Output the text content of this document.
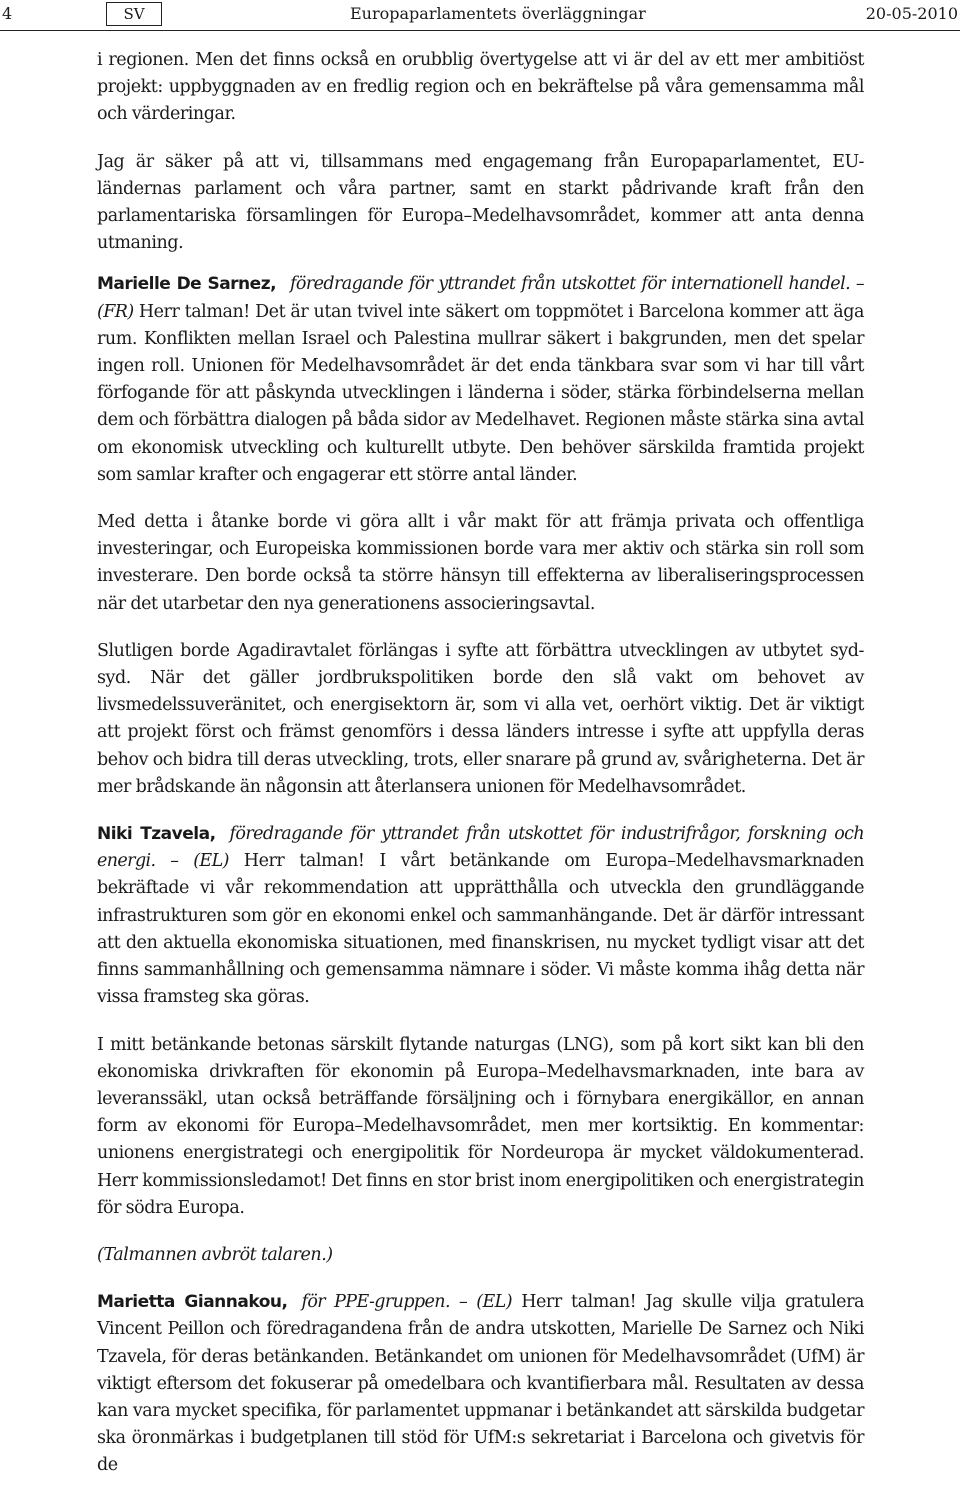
4	SV	Europaparlamentets överläggningar	20-05-2010

i regionen. Men det finns också en orubblig övertygelse att vi är del av ett mer ambitiöst projekt: uppbyggnaden av en fredlig region och en bekräftelse på våra gemensamma mål och värderingar.

Jag är säker på att vi, tillsammans med engagemang från Europaparlamentet, EU-ländernas parlament och våra partner, samt en starkt pådrivande kraft från den parlamentariska församlingen för Europa–Medelhavsområdet, kommer att anta denna utmaning.

Marielle De Sarnez, föredragande för yttrandet från utskottet för internationell handel. – (FR) Herr talman! Det är utan tvivel inte säkert om toppmötet i Barcelona kommer att äga rum. Konflikten mellan Israel och Palestina mullrar säkert i bakgrunden, men det spelar ingen roll. Unionen för Medelhavsområdet är det enda tänkbara svar som vi har till vårt förfogande för att påskynda utvecklingen i länderna i söder, stärka förbindelserna mellan dem och förbättra dialogen på båda sidor av Medelhavet. Regionen måste stärka sina avtal om ekonomisk utveckling och kulturellt utbyte. Den behöver särskilda framtida projekt som samlar krafter och engagerar ett större antal länder.

Med detta i åtanke borde vi göra allt i vår makt för att främja privata och offentliga investeringar, och Europeiska kommissionen borde vara mer aktiv och stärka sin roll som investerare. Den borde också ta större hänsyn till effekterna av liberaliseringsprocessen när det utarbetar den nya generationens associeringsavtal.

Slutligen borde Agadiravtalet förlängas i syfte att förbättra utvecklingen av utbytet syd-syd. När det gäller jordbrukspolitiken borde den slå vakt om behovet av livsmedelssuveränitet, och energisektorn är, som vi alla vet, oerhört viktig. Det är viktigt att projekt först och främst genomförs i dessa länders intresse i syfte att uppfylla deras behov och bidra till deras utveckling, trots, eller snarare på grund av, svårigheterna. Det är mer brådskande än någonsin att återlansera unionen för Medelhavsområdet.

Niki Tzavela, föredragande för yttrandet från utskottet för industrifrågor, forskning och energi. – (EL) Herr talman! I vårt betänkande om Europa–Medelhavsmarknaden bekräftade vi vår rekommendation att upprätthålla och utveckla den grundläggande infrastrukturen som gör en ekonomi enkel och sammanhängande. Det är därför intressant att den aktuella ekonomiska situationen, med finanskrisen, nu mycket tydligt visar att det finns sammanhållning och gemensamma nämnare i söder. Vi måste komma ihåg detta när vissa framsteg ska göras.

I mitt betänkande betonas särskilt flytande naturgas (LNG), som på kort sikt kan bli den ekonomiska drivkraften för ekonomin på Europa–Medelhavsmarknaden, inte bara av leveranssäkl, utan också beträffande försäljning och i förnybara energikällor, en annan form av ekonomi för Europa–Medelhavsområdet, men mer kortsiktig. En kommentar: unionens energistrategi och energipolitik för Nordeuropa är mycket väldokumenterad. Herr kommissionsledamot! Det finns en stor brist inom energipolitiken och energistrategin för södra Europa.

(Talmannen avbröt talaren.)

Marietta Giannakou, för PPE-gruppen. – (EL) Herr talman! Jag skulle vilja gratulera Vincent Peillon och föredragandena från de andra utskotten, Marielle De Sarnez och Niki Tzavela, för deras betänkanden. Betänkandet om unionen för Medelhavsområdet (UfM) är viktigt eftersom det fokuserar på omedelbara och kvantifierbara mål. Resultaten av dessa kan vara mycket specifika, för parlamentet uppmanar i betänkandet att särskilda budgetar ska öronmärkas i budgetplanen till stöd för UfM:s sekretariat i Barcelona och givetvis för de
